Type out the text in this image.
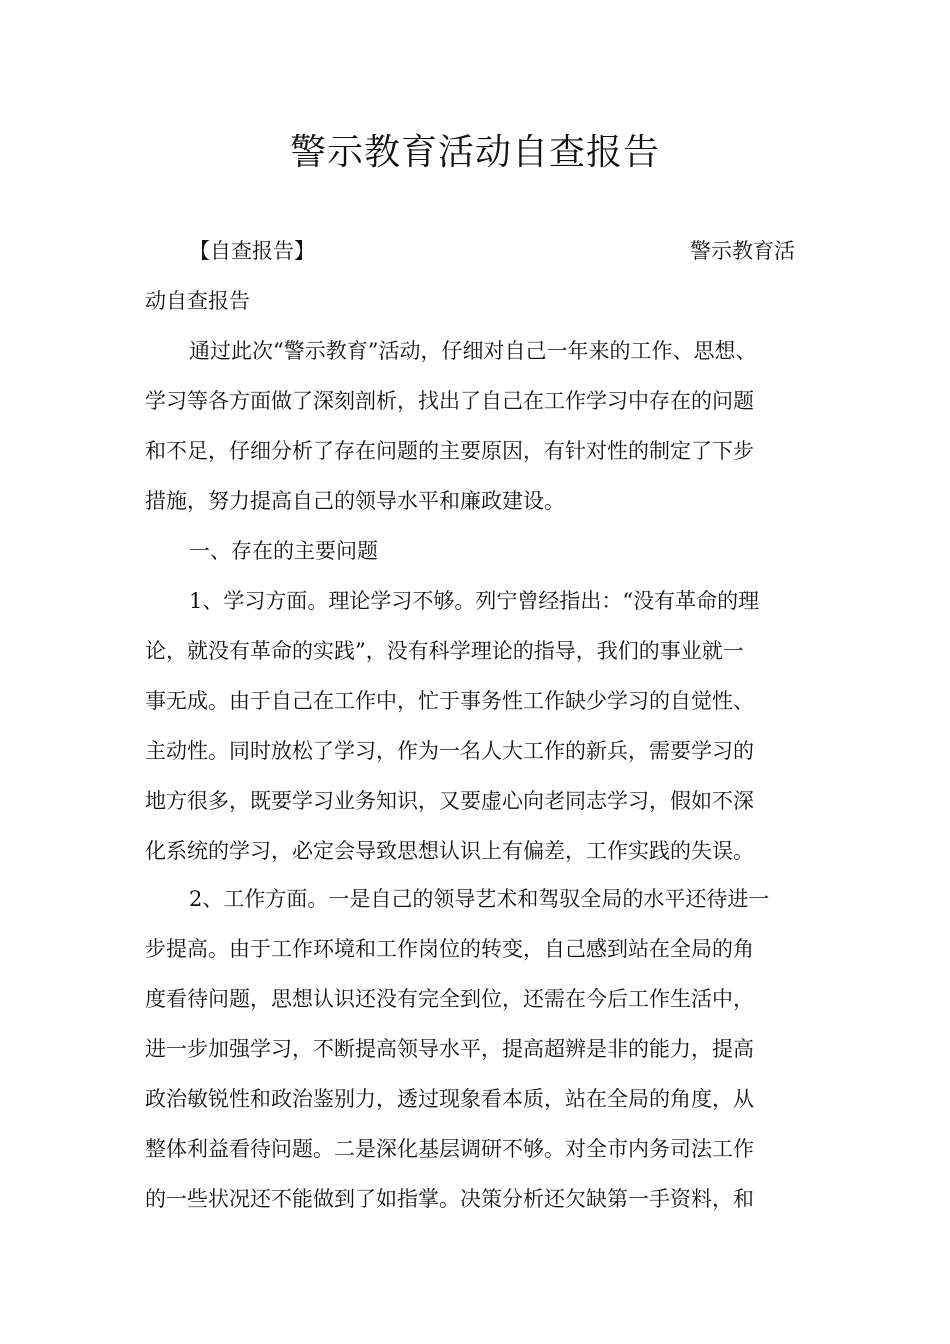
警示教育活动自查报告
【自查报告】	警示教育活
动自查报告
通过此次“警示教育”活动，仔细对自己一年来的工作、思想、
学习等各方面做了深刻剖析，找出了自己在工作学习中存在的问题
和不足，仔细分析了存在问题的主要原因，有针对性的制定了下步
措施，努力提高自己的领导水平和廉政建设。
一、存在的主要问题
1、学习方面。理论学习不够。列宁曾经指出：“没有革命的理
论，就没有革命的实践”，没有科学理论的指导，我们的事业就一
事无成。由于自己在工作中，忙于事务性工作缺少学习的自觉性、
主动性。同时放松了学习，作为一名人大工作的新兵，需要学习的
地方很多，既要学习业务知识，又要虚心向老同志学习，假如不深
化系统的学习，必定会导致思想认识上有偏差，工作实践的失误。
2、工作方面。一是自己的领导艺术和驾驭全局的水平还待进一
步提高。由于工作环境和工作岗位的转变，自己感到站在全局的角
度看待问题，思想认识还没有完全到位，还需在今后工作生活中，
进一步加强学习，不断提高领导水平，提高超辨是非的能力，提高
政治敏锐性和政治鉴别力，透过现象看本质，站在全局的角度，从
整体利益看待问题。二是深化基层调研不够。对全市内务司法工作
的一些状况还不能做到了如指掌。决策分析还欠缺第一手资料，和
